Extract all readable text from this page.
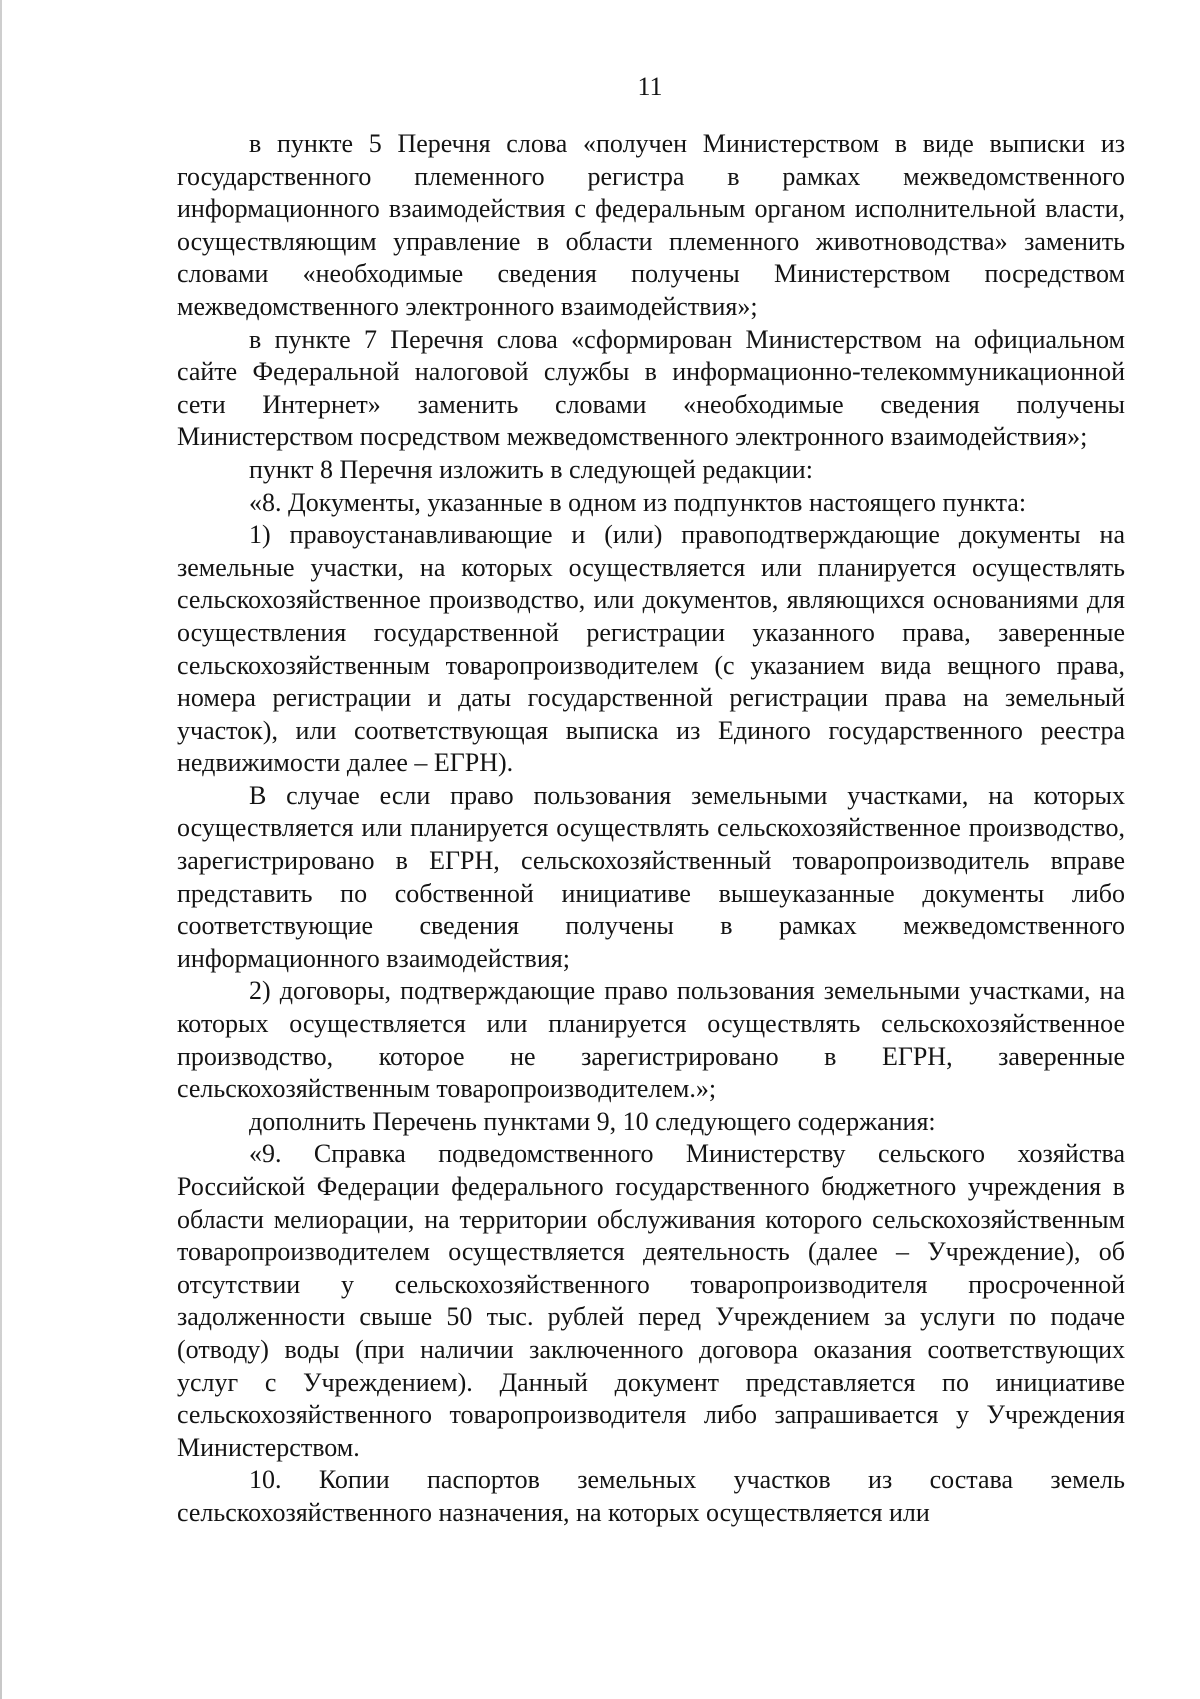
11

в пункте 5 Перечня слова «получен Министерством в виде выписки из государственного племенного регистра в рамках межведомственного информационного взаимодействия с федеральным органом исполнительной власти, осуществляющим управление в области племенного животноводства» заменить словами «необходимые сведения получены Министерством посредством межведомственного электронного взаимодействия»;

в пункте 7 Перечня слова «сформирован Министерством на официальном сайте Федеральной налоговой службы в информационно-телекоммуникационной сети Интернет» заменить словами «необходимые сведения получены Министерством посредством межведомственного электронного взаимодействия»;

пункт 8 Перечня изложить в следующей редакции:

«8. Документы, указанные в одном из подпунктов настоящего пункта:

1) правоустанавливающие и (или) правоподтверждающие документы на земельные участки, на которых осуществляется или планируется осуществлять сельскохозяйственное производство, или документов, являющихся основаниями для осуществления государственной регистрации указанного права, заверенные сельскохозяйственным товаропроизводителем (с указанием вида вещного права, номера регистрации и даты государственной регистрации права на земельный участок), или соответствующая выписка из Единого государственного реестра недвижимости далее – ЕГРН).

В случае если право пользования земельными участками, на которых осуществляется или планируется осуществлять сельскохозяйственное производство, зарегистрировано в ЕГРН, сельскохозяйственный товаропроизводитель вправе представить по собственной инициативе вышеуказанные документы либо соответствующие сведения получены в рамках межведомственного информационного взаимодействия;

2) договоры, подтверждающие право пользования земельными участками, на которых осуществляется или планируется осуществлять сельскохозяйственное производство, которое не зарегистрировано в ЕГРН, заверенные сельскохозяйственным товаропроизводителем.»;

дополнить Перечень пунктами 9, 10 следующего содержания:

«9. Справка подведомственного Министерству сельского хозяйства Российской Федерации федерального государственного бюджетного учреждения в области мелиорации, на территории обслуживания которого сельскохозяйственным товаропроизводителем осуществляется деятельность (далее – Учреждение), об отсутствии у сельскохозяйственного товаропроизводителя просроченной задолженности свыше 50 тыс. рублей перед Учреждением за услуги по подаче (отводу) воды (при наличии заключенного договора оказания соответствующих услуг с Учреждением). Данный документ представляется по инициативе сельскохозяйственного товаропроизводителя либо запрашивается у Учреждения Министерством.

10. Копии паспортов земельных участков из состава земель сельскохозяйственного назначения, на которых осуществляется или
